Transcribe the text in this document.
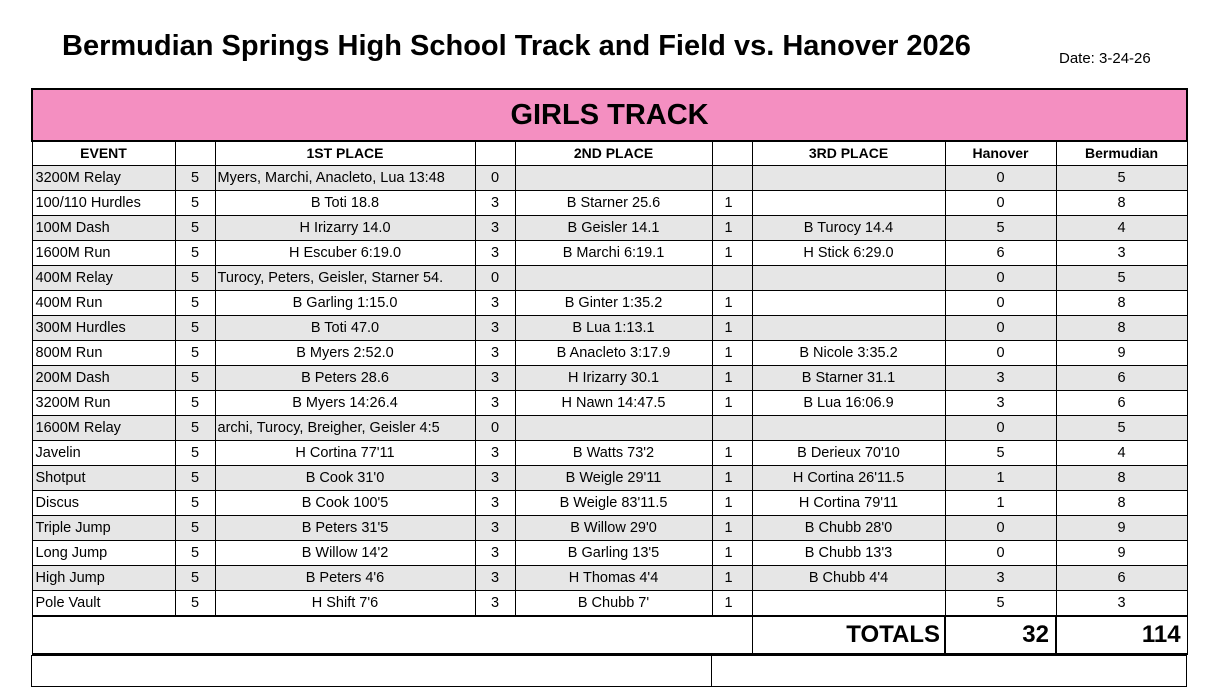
Bermudian Springs High School Track and Field vs. Hanover 2026	Date: 3-24-26
GIRLS TRACK								
EVENT		1ST PLACE		2ND PLACE		3RD PLACE	Hanover	Bermudian
3200M Relay	5	Myers, Marchi, Anacleto, Lua 13:48	0				0	5
100/110 Hurdles	5	B Toti 18.8	3	B Starner 25.6	1		0	8
100M Dash	5	H Irizarry 14.0	3	B Geisler 14.1	1	B Turocy 14.4	5	4
1600M Run	5	H Escuber 6:19.0	3	B Marchi 6:19.1	1	H Stick 6:29.0	6	3
400M Relay	5	Turocy, Peters, Geisler, Starner 54.	0				0	5
400M Run	5	B Garling 1:15.0	3	B Ginter 1:35.2	1		0	8
300M Hurdles	5	B Toti 47.0	3	B Lua 1:13.1	1		0	8
800M Run	5	B Myers 2:52.0	3	B Anacleto 3:17.9	1	B Nicole 3:35.2	0	9
200M Dash	5	B Peters 28.6	3	H Irizarry 30.1	1	B Starner 31.1	3	6
3200M Run	5	B Myers 14:26.4	3	H Nawn 14:47.5	1	B Lua 16:06.9	3	6
1600M Relay	5	archi, Turocy, Breigher, Geisler 4:5	0				0	5
Javelin	5	H Cortina 77'11	3	B Watts 73'2	1	B Derieux 70'10	5	4
Shotput	5	B Cook 31'0	3	B Weigle 29'11	1	H Cortina 26'11.5	1	8
Discus	5	B Cook 100'5	3	B Weigle 83'11.5	1	H Cortina 79'11	1	8
Triple Jump	5	B Peters 31'5	3	B Willow 29'0	1	B Chubb 28'0	0	9
Long Jump	5	B Willow 14'2	3	B Garling 13'5	1	B Chubb 13'3	0	9
High Jump	5	B Peters 4'6	3	H Thomas 4'4	1	B Chubb 4'4	3	6
Pole Vault	5	H Shift 7'6	3	B Chubb 7'	1		5	3
						TOTALS	32	114
